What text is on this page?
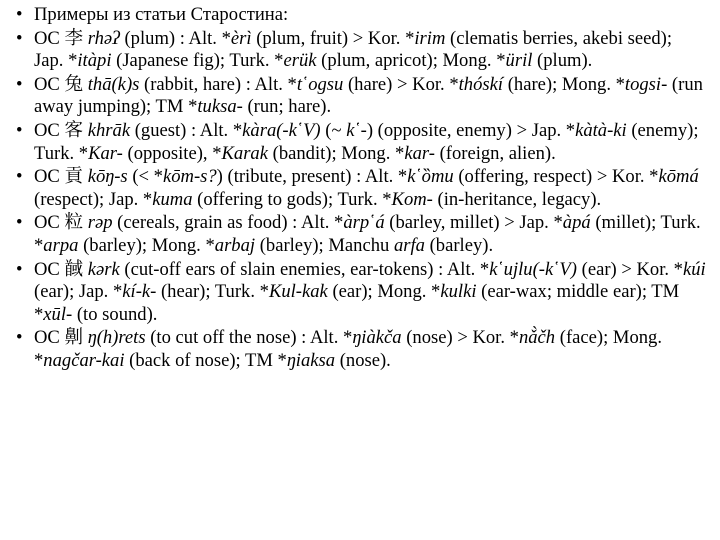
• Примеры из статьи Старостина:
• OC 李 rhəʔ (plum) : Alt. *èrì (plum, fruit) > Kor. *irim (clematis berries, akebi seed); Jap. *itàpi (Japanese fig); Turk. *erük (plum, apricot); Mong. *üril (plum).
• OC 兔 thā(k)s (rabbit, hare) : Alt. *t῾ogsu (hare) > Kor. *thóskí (hare); Mong. *togsi- (run away jumping); TM *tuksa- (run; hare).
• OC 客 khrāk (guest) : Alt. *kàra(-k῾V) (~ k῾-) (opposite, enemy) > Jap. *kàtà-ki (enemy); Turk. *Kar- (opposite), *Karak (bandit); Mong. *kar- (foreign, alien).
• OC 貢 kōŋ-s (< *kōm-s?) (tribute, present) : Alt. *k῾ȍmu (offering, respect) > Kor. *kōmá (respect); Jap. *kuma (offering to gods); Turk. *Kom- (in-heritance, legacy).
• OC 粒 rəp (cereals, grain as food) : Alt. *àrp῾á (barley, millet) > Jap. *àpá (millet); Turk. *arpa (barley); Mong. *arbaj (barley); Manchu arfa (barley).
• OC 馘 kərk (cut-off ears of slain enemies, ear-tokens) : Alt. *k῾ujlu(-k῾V) (ear) > Kor. *kúi (ear); Jap. *kí-k- (hear); Turk. *Kul-kak (ear); Mong. *kulki (ear-wax; middle ear); TM *xūl- (to sound).
• OC 劓 ŋ(h)rets (to cut off the nose) : Alt. *ŋiàkča (nose) > Kor. *nǎ̀čh (face); Mong. *nagčar-kai (back of nose); TM *ŋiaksa (nose).
